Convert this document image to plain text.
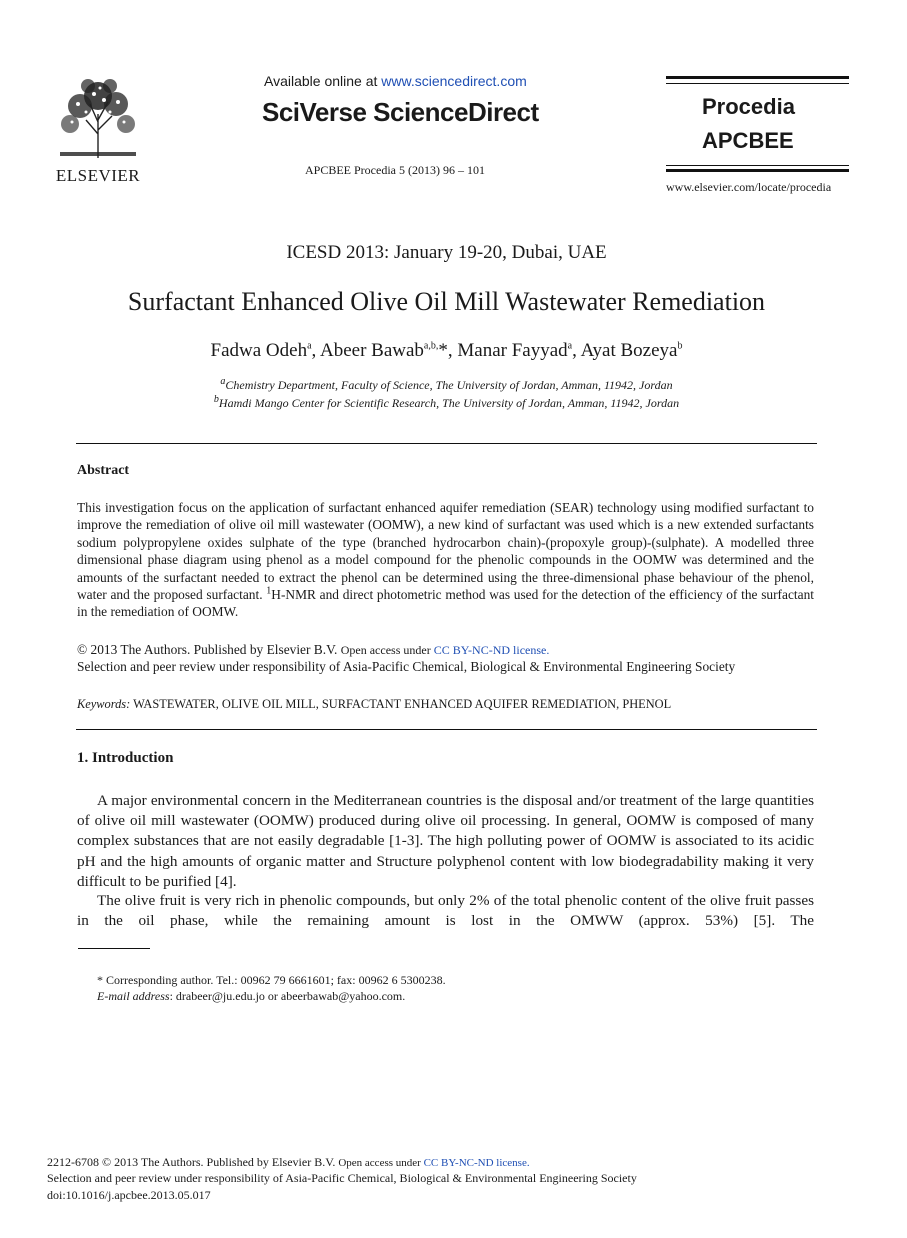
ELSEVIER
Available online at www.sciencedirect.com
SciVerse ScienceDirect
APCBEE Procedia 5 (2013) 96 – 101
Procedia
APCBEE
www.elsevier.com/locate/procedia
ICESD 2013: January 19-20, Dubai, UAE
Surfactant Enhanced Olive Oil Mill Wastewater Remediation
Fadwa Odeh$^a$, Abeer Bawab$^{a,b,}$*, Manar Fayyad$^a$, Ayat Bozeya$^b$
$^a$Chemistry Department, Faculty of Science, The University of Jordan, Amman, 11942, Jordan
$^b$Hamdi Mango Center for Scientific Research, The University of Jordan, Amman, 11942, Jordan
Abstract
This investigation focus on the application of surfactant enhanced aquifer remediation (SEAR) technology using modified surfactant to improve the remediation of olive oil mill wastewater (OOMW), a new kind of surfactant was used which is a new extended surfactants sodium polypropylene oxides sulphate of the type (branched hydrocarbon chain)-(propoxyle group)-(sulphate). A modelled three dimensional phase diagram using phenol as a model compound for the phenolic compounds in the OOMW was determined and the amounts of the surfactant needed to extract the phenol can be determined using the three-dimensional phase behaviour of the phenol, water and the proposed surfactant. $^1$H-NMR and direct photometric method was used for the detection of the efficiency of the surfactant in the remediation of OOMW.
© 2013 The Authors. Published by Elsevier B.V. Open access under CC BY-NC-ND license.
Selection and peer review under responsibility of Asia-Pacific Chemical, Biological & Environmental Engineering Society
Keywords: WASTEWATER, OLIVE OIL MILL, SURFACTANT ENHANCED AQUIFER REMEDIATION, PHENOL
1. Introduction
A major environmental concern in the Mediterranean countries is the disposal and/or treatment of the large quantities of olive oil mill wastewater (OOMW) produced during olive oil processing. In general, OOMW is composed of many complex substances that are not easily degradable [1-3]. The high polluting power of OOMW is associated to its acidic pH and the high amounts of organic matter and Structure polyphenol content with low biodegradability making it very difficult to be purified [4].
The olive fruit is very rich in phenolic compounds, but only 2% of the total phenolic content of the olive fruit passes in the oil phase, while the remaining amount is lost in the OMWW (approx. 53%) [5]. The
* Corresponding author. Tel.: 00962 79 6661601; fax: 00962 6 5300238.
E-mail address: drabeer@ju.edu.jo or abeerbawab@yahoo.com.
2212-6708 © 2013 The Authors. Published by Elsevier B.V. Open access under CC BY-NC-ND license.
Selection and peer review under responsibility of Asia-Pacific Chemical, Biological & Environmental Engineering Society
doi:10.1016/j.apcbee.2013.05.017
